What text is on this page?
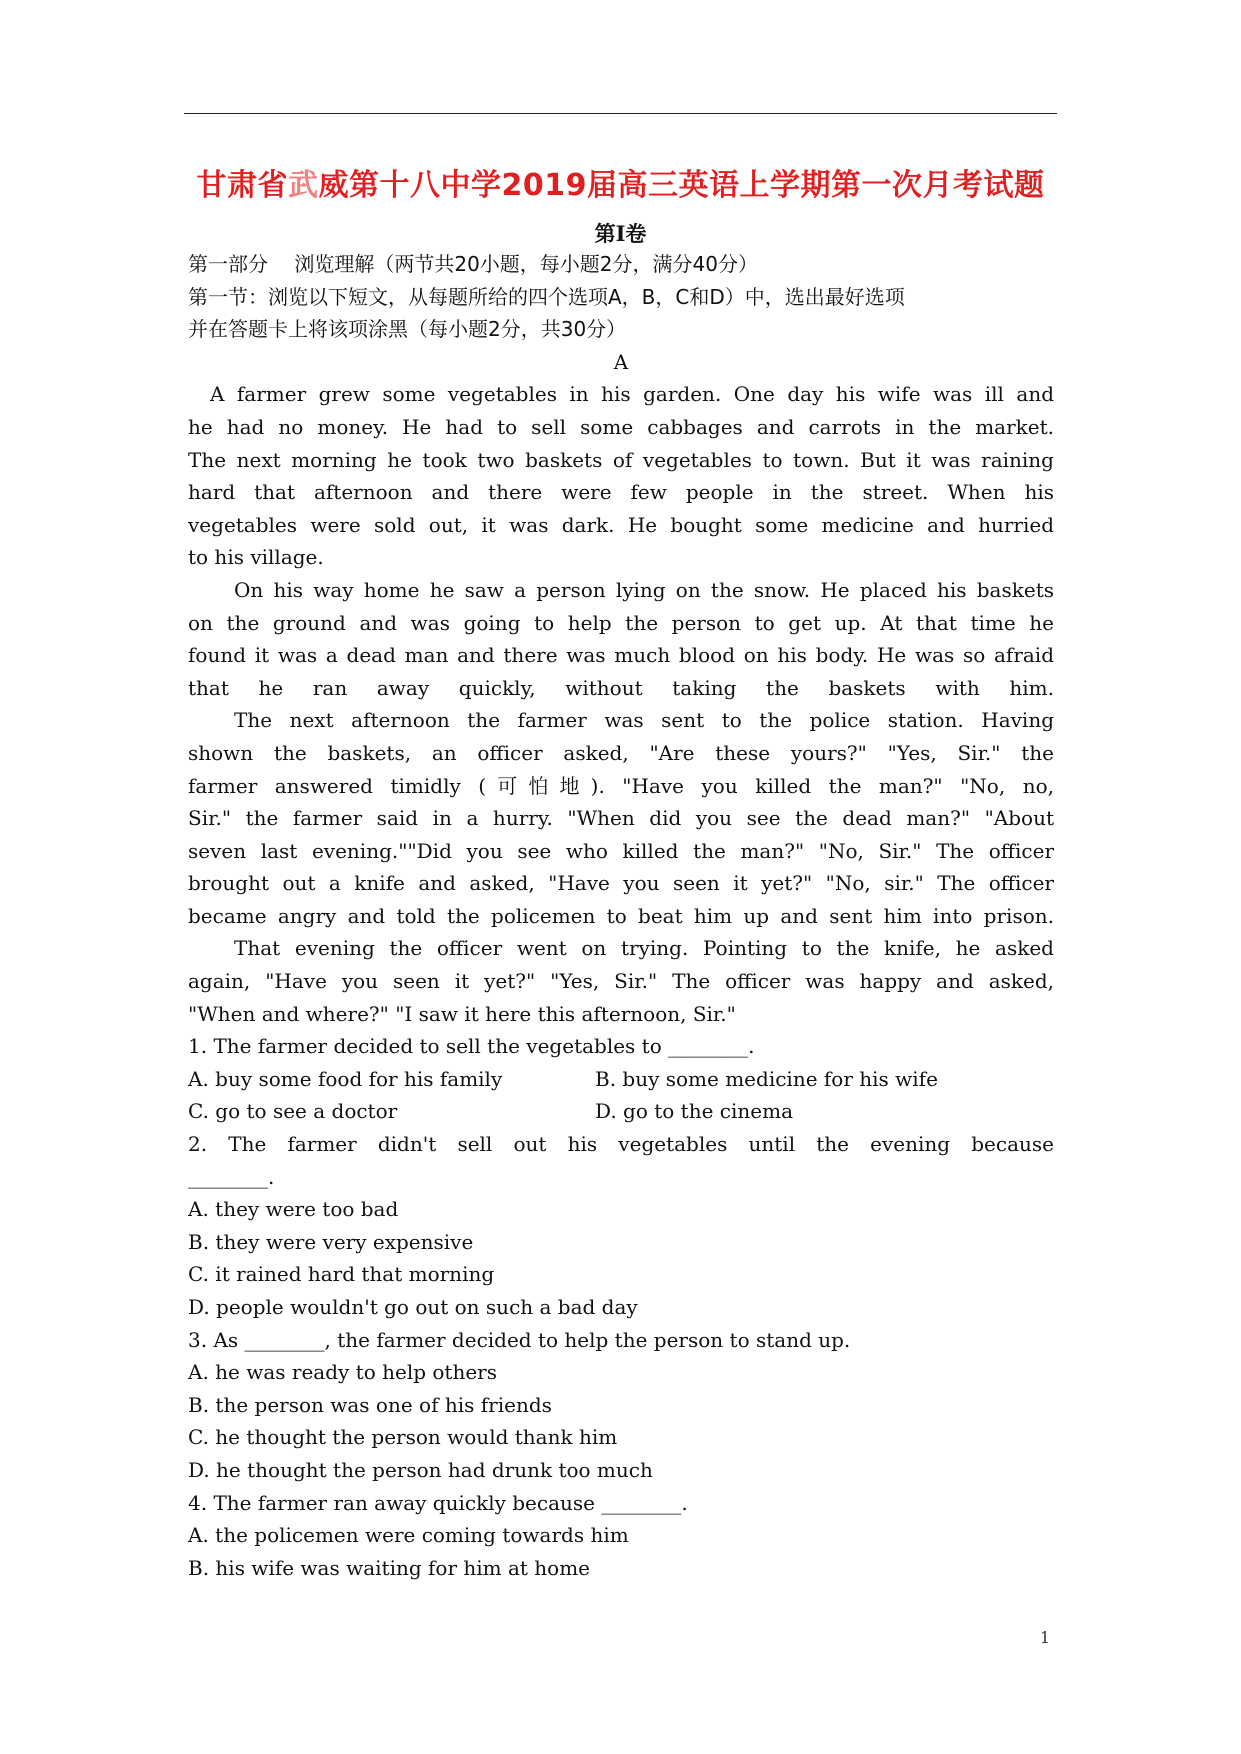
甘肃省武威第十八中学2019届高三英语上学期第一次月考试题
第Ⅰ卷
第一部分　 浏览理解（两节共20小题，每小题2分，满分40分）
第一节：浏览以下短文，从每题所给的四个选项A，B，C和D）中，选出最好选项
并在答题卡上将该项涂黑（每小题2分，共30分）
A
A farmer grew some vegetables in his garden. One day his wife was ill and
he had no money. He had to sell some cabbages and carrots in the market.
The next morning he took two baskets of vegetables to town. But it was raining
hard that afternoon and there were few people in the street. When his
vegetables were sold out, it was dark. He bought some medicine and hurried
to his village.
On his way home he saw a person lying on the snow. He placed his baskets
on the ground and was going to help the person to get up. At that time he
found it was a dead man and there was much blood on his body. He was so afraid
that he ran away quickly, without taking the baskets with him.
The next afternoon the farmer was sent to the police station. Having
shown the baskets, an officer asked, "Are these yours?" "Yes, Sir." the
farmer answered timidly (可怕地). "Have you killed the man?" "No, no,
Sir." the farmer said in a hurry. "When did you see the dead man?" "About
seven last evening.""Did you see who killed the man?" "No, Sir." The officer
brought out a knife and asked, "Have you seen it yet?" "No, sir." The officer
became angry and told the policemen to beat him up and sent him into prison.
That evening the officer went on trying. Pointing to the knife, he asked
again, "Have you seen it yet?" "Yes, Sir." The officer was happy and asked,
"When and where?" "I saw it here this afternoon, Sir."
1. The farmer decided to sell the vegetables to ________.
A. buy some food for his family	B. buy some medicine for his wife
C. go to see a doctor	D. go to the cinema
2. The farmer didn't sell out his vegetables until the evening because
________.
A. they were too bad
B. they were very expensive
C. it rained hard that morning
D. people wouldn't go out on such a bad day
3. As ________, the farmer decided to help the person to stand up.
A. he was ready to help others
B. the person was one of his friends
C. he thought the person would thank him
D. he thought the person had drunk too much
4. The farmer ran away quickly because ________.
A. the policemen were coming towards him
B. his wife was waiting for him at home
1
